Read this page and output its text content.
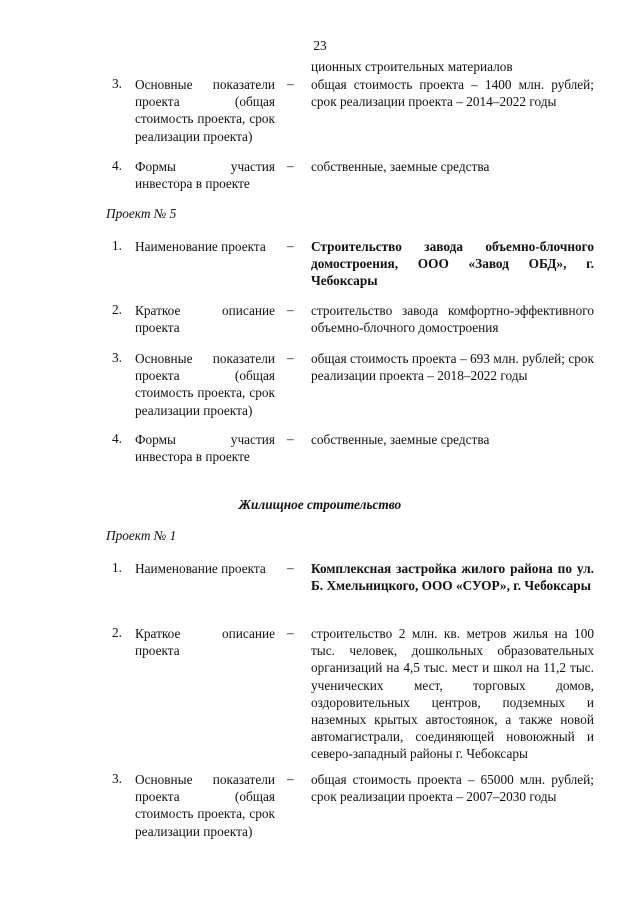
23
ционных строительных материалов
3. Основные показатели проекта (общая стоимость проекта, срок реализации проекта)
– общая стоимость проекта – 1400 млн. рублей; срок реализации проекта – 2014–2022 годы
4. Формы участия инвестора в проекте
– собственные, заемные средства
Проект № 5
1. Наименование проекта	– Строительство завода объемно-блочного домостроения, ООО «Завод ОБД», г. Чебоксары
2. Краткое описание проекта
– строительство завода комфортно-эффективного объемно-блочного домостроения
3. Основные показатели проекта (общая стоимость проекта, срок реализации проекта)
– общая стоимость проекта – 693 млн. рублей; срок реализации проекта – 2018–2022 годы
4. Формы участия инвестора в проекте
– собственные, заемные средства
Жилищное строительство
Проект № 1
1. Наименование проекта	– Комплексная застройка жилого района по ул. Б. Хмельницкого, ООО «СУОР», г. Чебоксары
2. Краткое описание проекта
– строительство 2 млн. кв. метров жилья на 100 тыс. человек, дошкольных образовательных организаций на 4,5 тыс. мест и школ на 11,2 тыс. ученических мест, торговых домов, оздоровительных центров, подземных и наземных крытых автостоянок, а также новой автомагистрали, соединяющей новоюжный и северо-западный районы г. Чебоксары
3. Основные показатели проекта (общая стоимость проекта, срок реализации проекта)
– общая стоимость проекта – 65000 млн. рублей; срок реализации проекта – 2007–2030 годы
